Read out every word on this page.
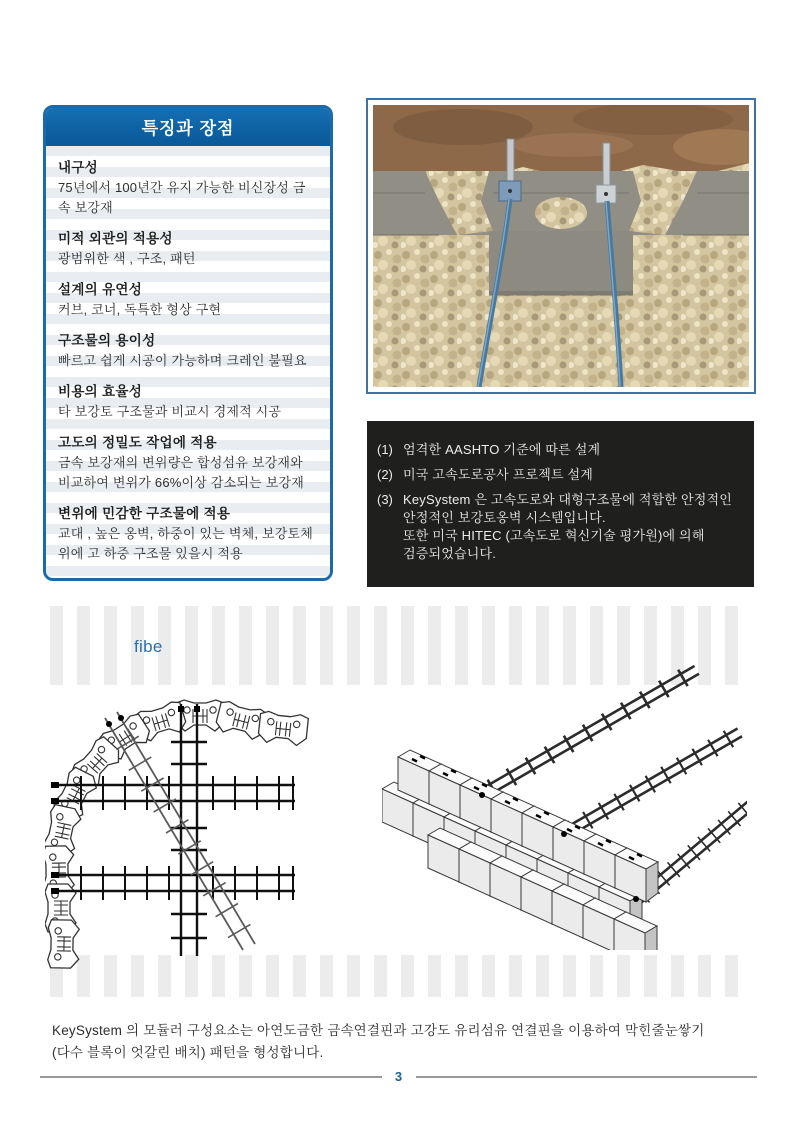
특징과 장점
내구성
75년에서 100년간 유지 가능한 비신장성 금속 보강재
미적 외관의 적용성
광범위한 색 , 구조, 패턴
설계의 유연성
커브, 코너, 독특한 형상 구현
구조물의 용이성
빠르고 쉽게 시공이 가능하며 크레인 불필요
비용의 효율성
타 보강토 구조물과 비교시 경제적 시공
고도의 정밀도 작업에 적용
금속 보강재의 변위량은 합성섬유 보강재와 비교하여 변위가 66%이상 감소되는 보강재
변위에 민감한 구조물에 적용
교대 , 높은 옹벽, 하중이 있는 벽체, 보강토체 위에 고 하중 구조물 있을시 적용
(1) 엄격한 AASHTO 기준에 따른 설계
(2) 미국 고속도로공사 프로젝트 설계
(3) KeySystem 은 고속도로와 대형구조물에 적합한 안정적인
안정적인 보강토옹벽 시스템입니다.
또한 미국 HITEC (고속도로 혁신기술 평가원)에 의해
검증되었습니다.
fibe
KeySystem 의 모듈러 구성요소는 아연도금한 금속연결핀과 고강도 유리섬유 연결핀을 이용하여 막힌줄눈쌓기
(다수 블록이 엇갈린 배치) 패턴을 형성합니다.
3
